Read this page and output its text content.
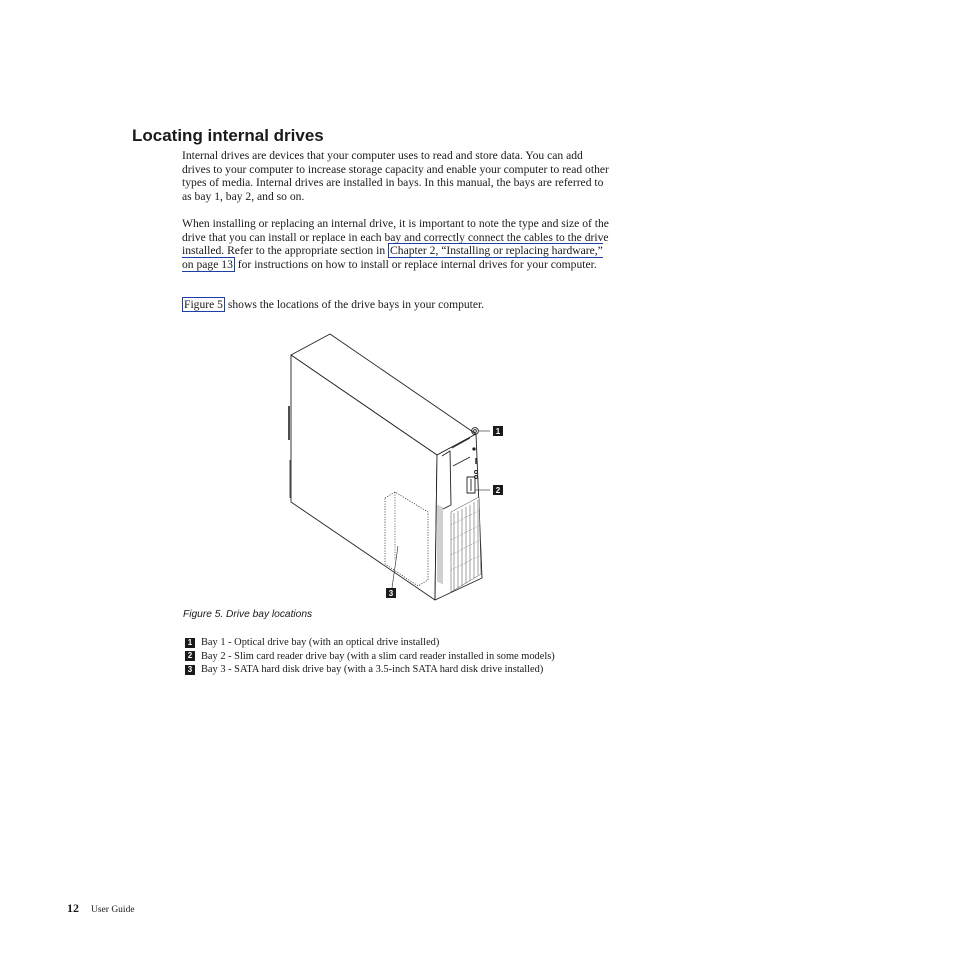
Locating internal drives

Internal drives are devices that your computer uses to read and store data. You can add drives to your computer to increase storage capacity and enable your computer to read other types of media. Internal drives are installed in bays. In this manual, the bays are referred to as bay 1, bay 2, and so on.

When installing or replacing an internal drive, it is important to note the type and size of the drive that you can install or replace in each bay and correctly connect the cables to the drive installed. Refer to the appropriate section in Chapter 2, “Installing or replacing hardware,” on page 13 for instructions on how to install or replace internal drives for your computer.

Figure 5 shows the locations of the drive bays in your computer.

1
2
3

Figure 5. Drive bay locations

1 Bay 1 - Optical drive bay (with an optical drive installed)
2 Bay 2 - Slim card reader drive bay (with a slim card reader installed in some models)
3 Bay 3 - SATA hard disk drive bay (with a 3.5-inch SATA hard disk drive installed)
12 User Guide
